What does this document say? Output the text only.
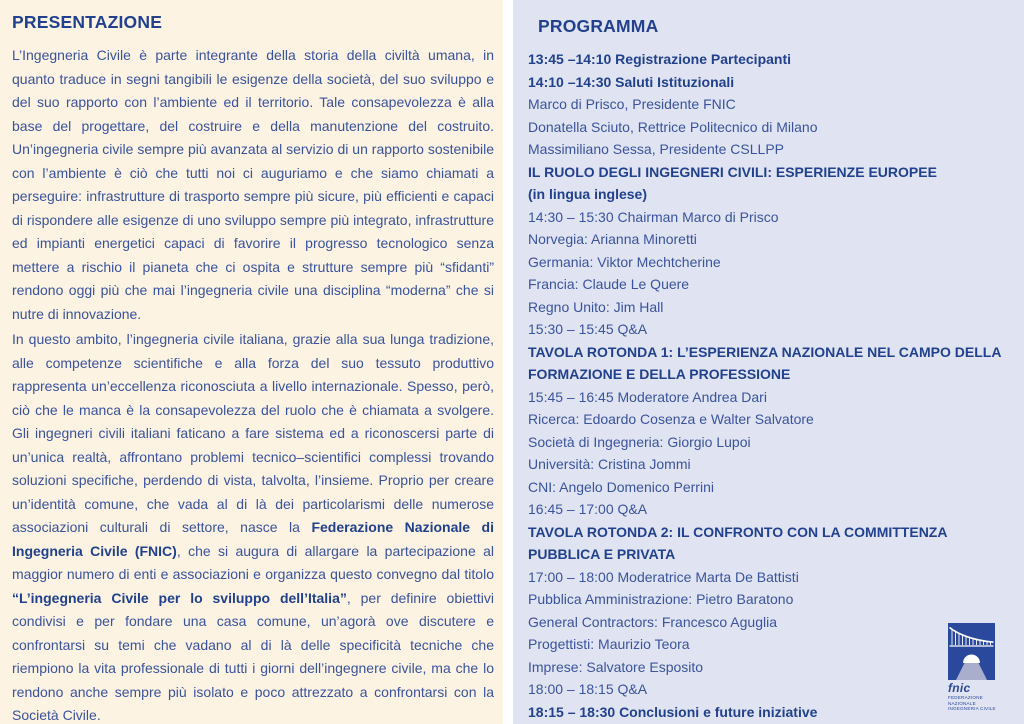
PRESENTAZIONE

L’Ingegneria Civile è parte integrante della storia della civiltà umana, in quanto traduce in segni tangibili le esigenze della società, del suo sviluppo e del suo rapporto con l’ambiente ed il territorio. Tale consapevolezza è alla base del progettare, del costruire e della manutenzione del costruito. Un’ingegneria civile sempre più avanzata al servizio di un rapporto sostenibile con l’ambiente è ciò che tutti noi ci auguriamo e che siamo chiamati a perseguire: infrastrutture di trasporto sempre più sicure, più efficienti e capaci di rispondere alle esigenze di uno sviluppo sempre più integrato, infrastrutture ed impianti energetici capaci di favorire il progresso tecnologico senza mettere a rischio il pianeta che ci ospita e strutture sempre più “sfidanti” rendono oggi più che mai l’ingegneria civile una disciplina “moderna” che si nutre di innovazione.

In questo ambito, l’ingegneria civile italiana, grazie alla sua lunga tradizione, alle competenze scientifiche e alla forza del suo tessuto produttivo rappresenta un’eccellenza riconosciuta a livello internazionale. Spesso, però, ciò che le manca è la consapevolezza del ruolo che è chiamata a svolgere. Gli ingegneri civili italiani faticano a fare sistema ed a riconoscersi parte di un’unica realtà, affrontano problemi tecnico–scientifici complessi trovando soluzioni specifiche, perdendo di vista, talvolta, l’insieme. Proprio per creare un’identità comune, che vada al di là dei particolarismi delle numerose associazioni culturali di settore, nasce la Federazione Nazionale di Ingegneria Civile (FNIC), che si augura di allargare la partecipazione al maggior numero di enti e associazioni e organizza questo convegno dal titolo “L’ingegneria Civile per lo sviluppo dell’Italia”, per definire obiettivi condivisi e per fondare una casa comune, un’agorà ove discutere e confrontarsi su temi che vadano al di là delle specificità tecniche che riempiono la vita professionale di tutti i giorni dell’ingegnere civile, ma che lo rendono anche sempre più isolato e poco attrezzato a confrontarsi con la Società Civile.

PROGRAMMA
13:45 –14:10 Registrazione Partecipanti
14:10 –14:30 Saluti Istituzionali
Marco di Prisco, Presidente FNIC
Donatella Sciuto, Rettrice Politecnico di Milano
Massimiliano Sessa, Presidente CSLLPP
IL RUOLO DEGLI INGEGNERI CIVILI: ESPERIENZE EUROPEE
(in lingua inglese)
14:30 – 15:30 Chairman Marco di Prisco
Norvegia: Arianna Minoretti
Germania: Viktor Mechtcherine
Francia: Claude Le Quere
Regno Unito: Jim Hall
15:30 – 15:45 Q&A
TAVOLA ROTONDA 1: L’ESPERIENZA NAZIONALE NEL CAMPO DELLA FORMAZIONE E DELLA PROFESSIONE
15:45 – 16:45 Moderatore Andrea Dari
Ricerca: Edoardo Cosenza e Walter Salvatore
Società di Ingegneria: Giorgio Lupoi
Università: Cristina Jommi
CNI: Angelo Domenico Perrini
16:45 – 17:00 Q&A
TAVOLA ROTONDA 2: IL CONFRONTO CON LA COMMITTENZA PUBBLICA E PRIVATA
17:00 – 18:00 Moderatrice Marta De Battisti
Pubblica Amministrazione: Pietro Baratono
General Contractors: Francesco Aguglia
Progettisti: Maurizio Teora
Imprese: Salvatore Esposito
18:00 – 18:15 Q&A
18:15 – 18:30 Conclusioni e future iniziative
fnic
FEDERAZIONE
NAZIONALE
INGEGNERIA CIVILE
